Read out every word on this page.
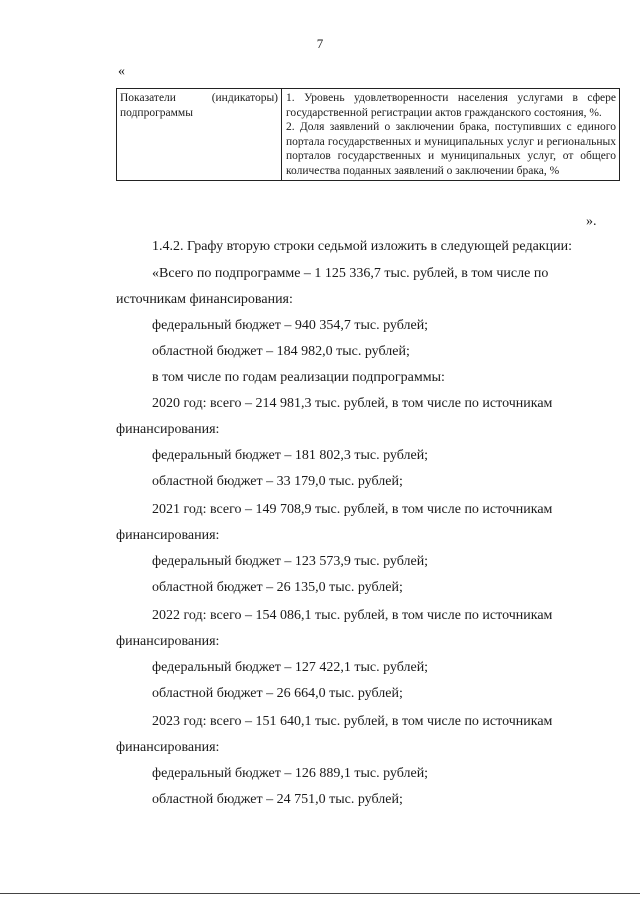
7
«
Показатели	(индикаторы)
подпрограммы

1. Уровень удовлетворенности населения услугами в сфере государственной регистрации актов гражданского состояния, %.

2. Доля заявлений о заключении брака, поступивших с единого портала государственных и муниципальных услуг и региональных порталов государственных и муниципальных услуг, от общего количества поданных заявлений о заключении брака, %

».
1.4.2. Графу вторую строки седьмой изложить в следующей редакции:
«Всего по подпрограмме – 1 125 336,7 тыс. рублей, в том числе по
источникам финансирования:
федеральный бюджет – 940 354,7 тыс. рублей;
областной бюджет – 184 982,0 тыс. рублей;
в том числе по годам реализации подпрограммы:
2020 год: всего – 214 981,3 тыс. рублей, в том числе по источникам
финансирования:
федеральный бюджет – 181 802,3 тыс. рублей;
областной бюджет – 33 179,0 тыс. рублей;
2021 год: всего – 149 708,9 тыс. рублей, в том числе по источникам
финансирования:
федеральный бюджет – 123 573,9 тыс. рублей;
областной бюджет – 26 135,0 тыс. рублей;
2022 год: всего – 154 086,1 тыс. рублей, в том числе по источникам
финансирования:
федеральный бюджет – 127 422,1 тыс. рублей;
областной бюджет – 26 664,0 тыс. рублей;
2023 год: всего – 151 640,1 тыс. рублей, в том числе по источникам
финансирования:
федеральный бюджет – 126 889,1 тыс. рублей;
областной бюджет – 24 751,0 тыс. рублей;
